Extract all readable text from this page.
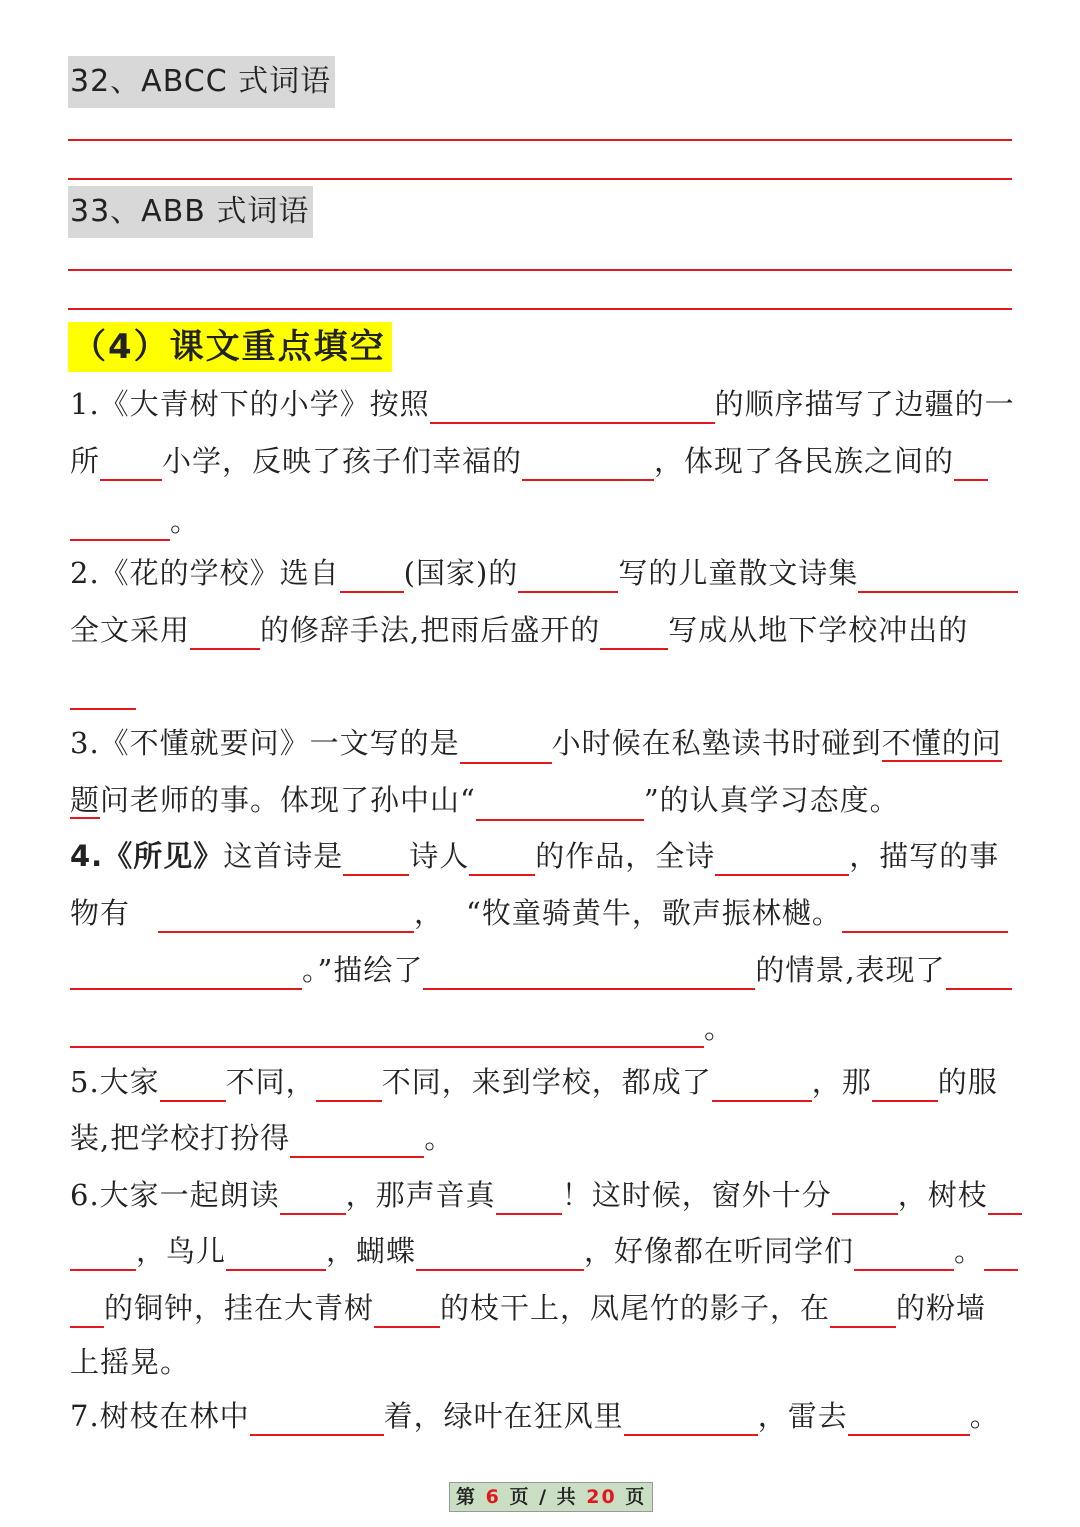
32、ABCC 式词语
33、ABB 式词语
（4）课文重点填空
1.《大青树下的小学》按照	的顺序描写了边疆的一
所 小学，反映了孩子们幸福的	，体现了各民族之间的
。
2.《花的学校》选自 (国家)的	写的儿童散文诗集
全文采用 的修辞手法,把雨后盛开的 写成从地下学校冲出的
3.《不懂就要问》一文写的是	小时候在私塾读书时碰到不懂的问
题问老师的事。体现了孙中山“	”的认真学习态度。
4.《所见》这首诗是 诗人 的作品，全诗	，描写的事
物有	， “牧童骑黄牛，歌声振林樾。
。”描绘了	的情景,表现了
。
5.大家 不同， 不同，来到学校，都成了	，那 的服
装,把学校打扮得	。
6.大家一起朗读 ，那声音真 ！这时候，窗外十分 ，树枝
，鸟儿	，蝴蝶	，好像都在听同学们	。
的铜钟，挂在大青树 的枝干上，凤尾竹的影子，在 的粉墙
上摇晃。
7.树枝在林中	着，绿叶在狂风里	，雷去	。
第 6 页 / 共 20 页
